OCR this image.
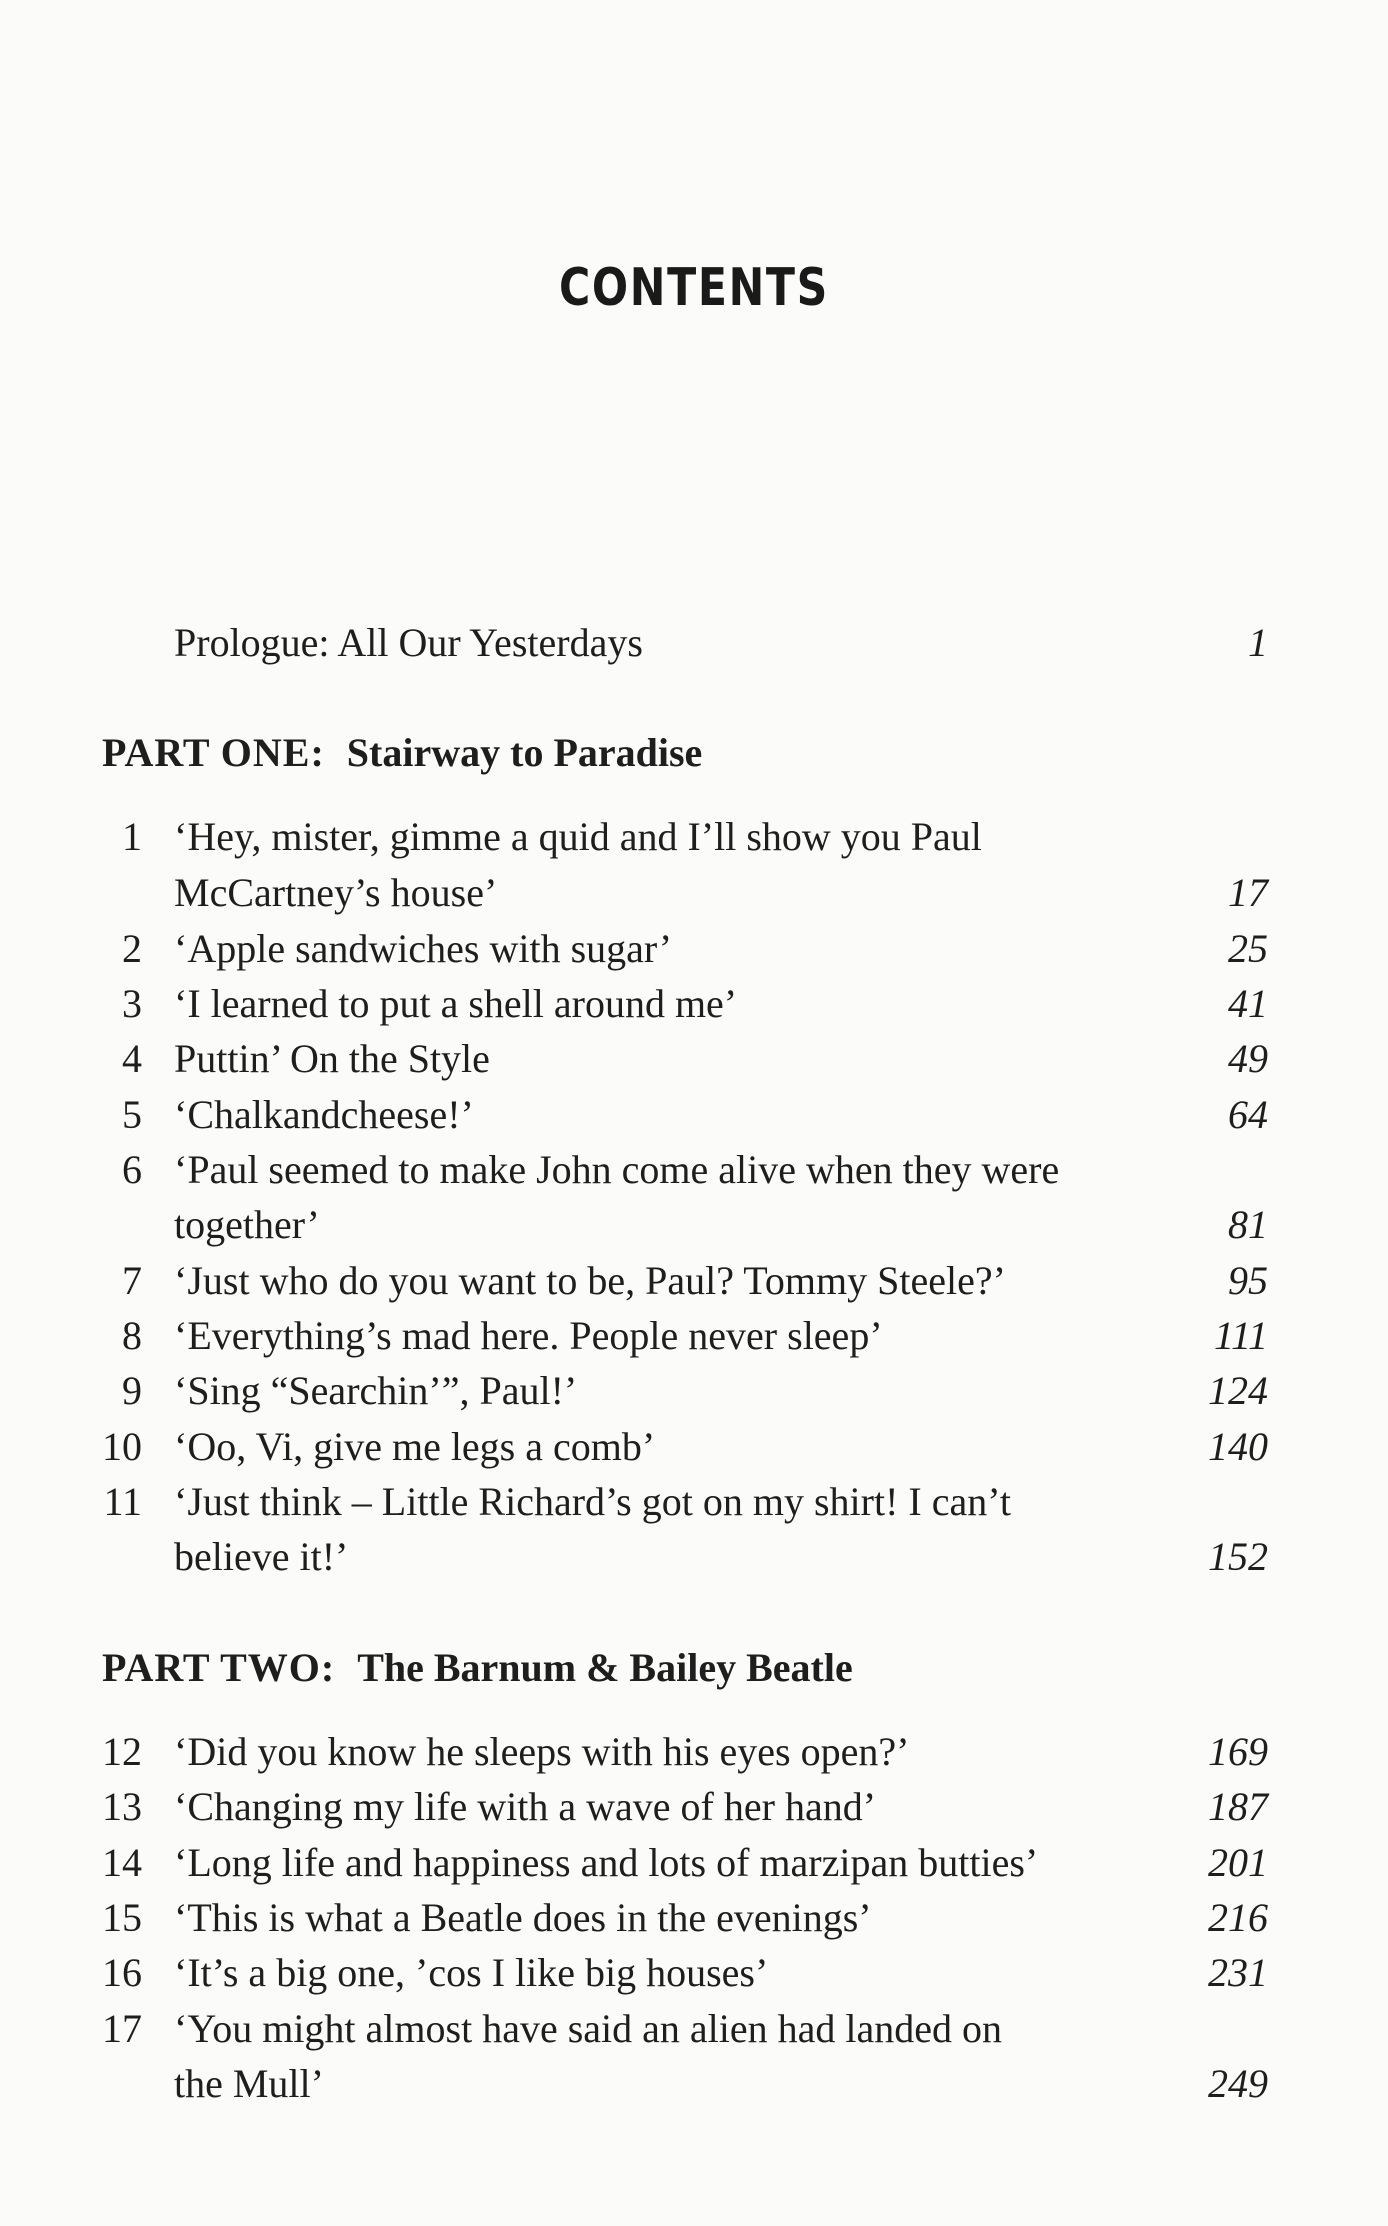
CONTENTS
Prologue: All Our Yesterdays	1
PART ONE: Stairway to Paradise
1 ‘Hey, mister, gimme a quid and I’ll show you Paul
McCartney’s house’	17
2 ‘Apple sandwiches with sugar’	25
3 ‘I learned to put a shell around me’	41
4 Puttin’ On the Style	49
5 ‘Chalkandcheese!’	64
6 ‘Paul seemed to make John come alive when they were
together’	81
7 ‘Just who do you want to be, Paul? Tommy Steele?’	95
8 ‘Everything’s mad here. People never sleep’	111
9 ‘Sing “Searchin’”, Paul!’	124
10 ‘Oo, Vi, give me legs a comb’	140
11 ‘Just think – Little Richard’s got on my shirt! I can’t
believe it!’	152
PART TWO: The Barnum & Bailey Beatle
12 ‘Did you know he sleeps with his eyes open?’	169
13 ‘Changing my life with a wave of her hand’	187
14 ‘Long life and happiness and lots of marzipan butties’	201
15 ‘This is what a Beatle does in the evenings’	216
16 ‘It’s a big one, ’cos I like big houses’	231
17 ‘You might almost have said an alien had landed on
the Mull’	249
